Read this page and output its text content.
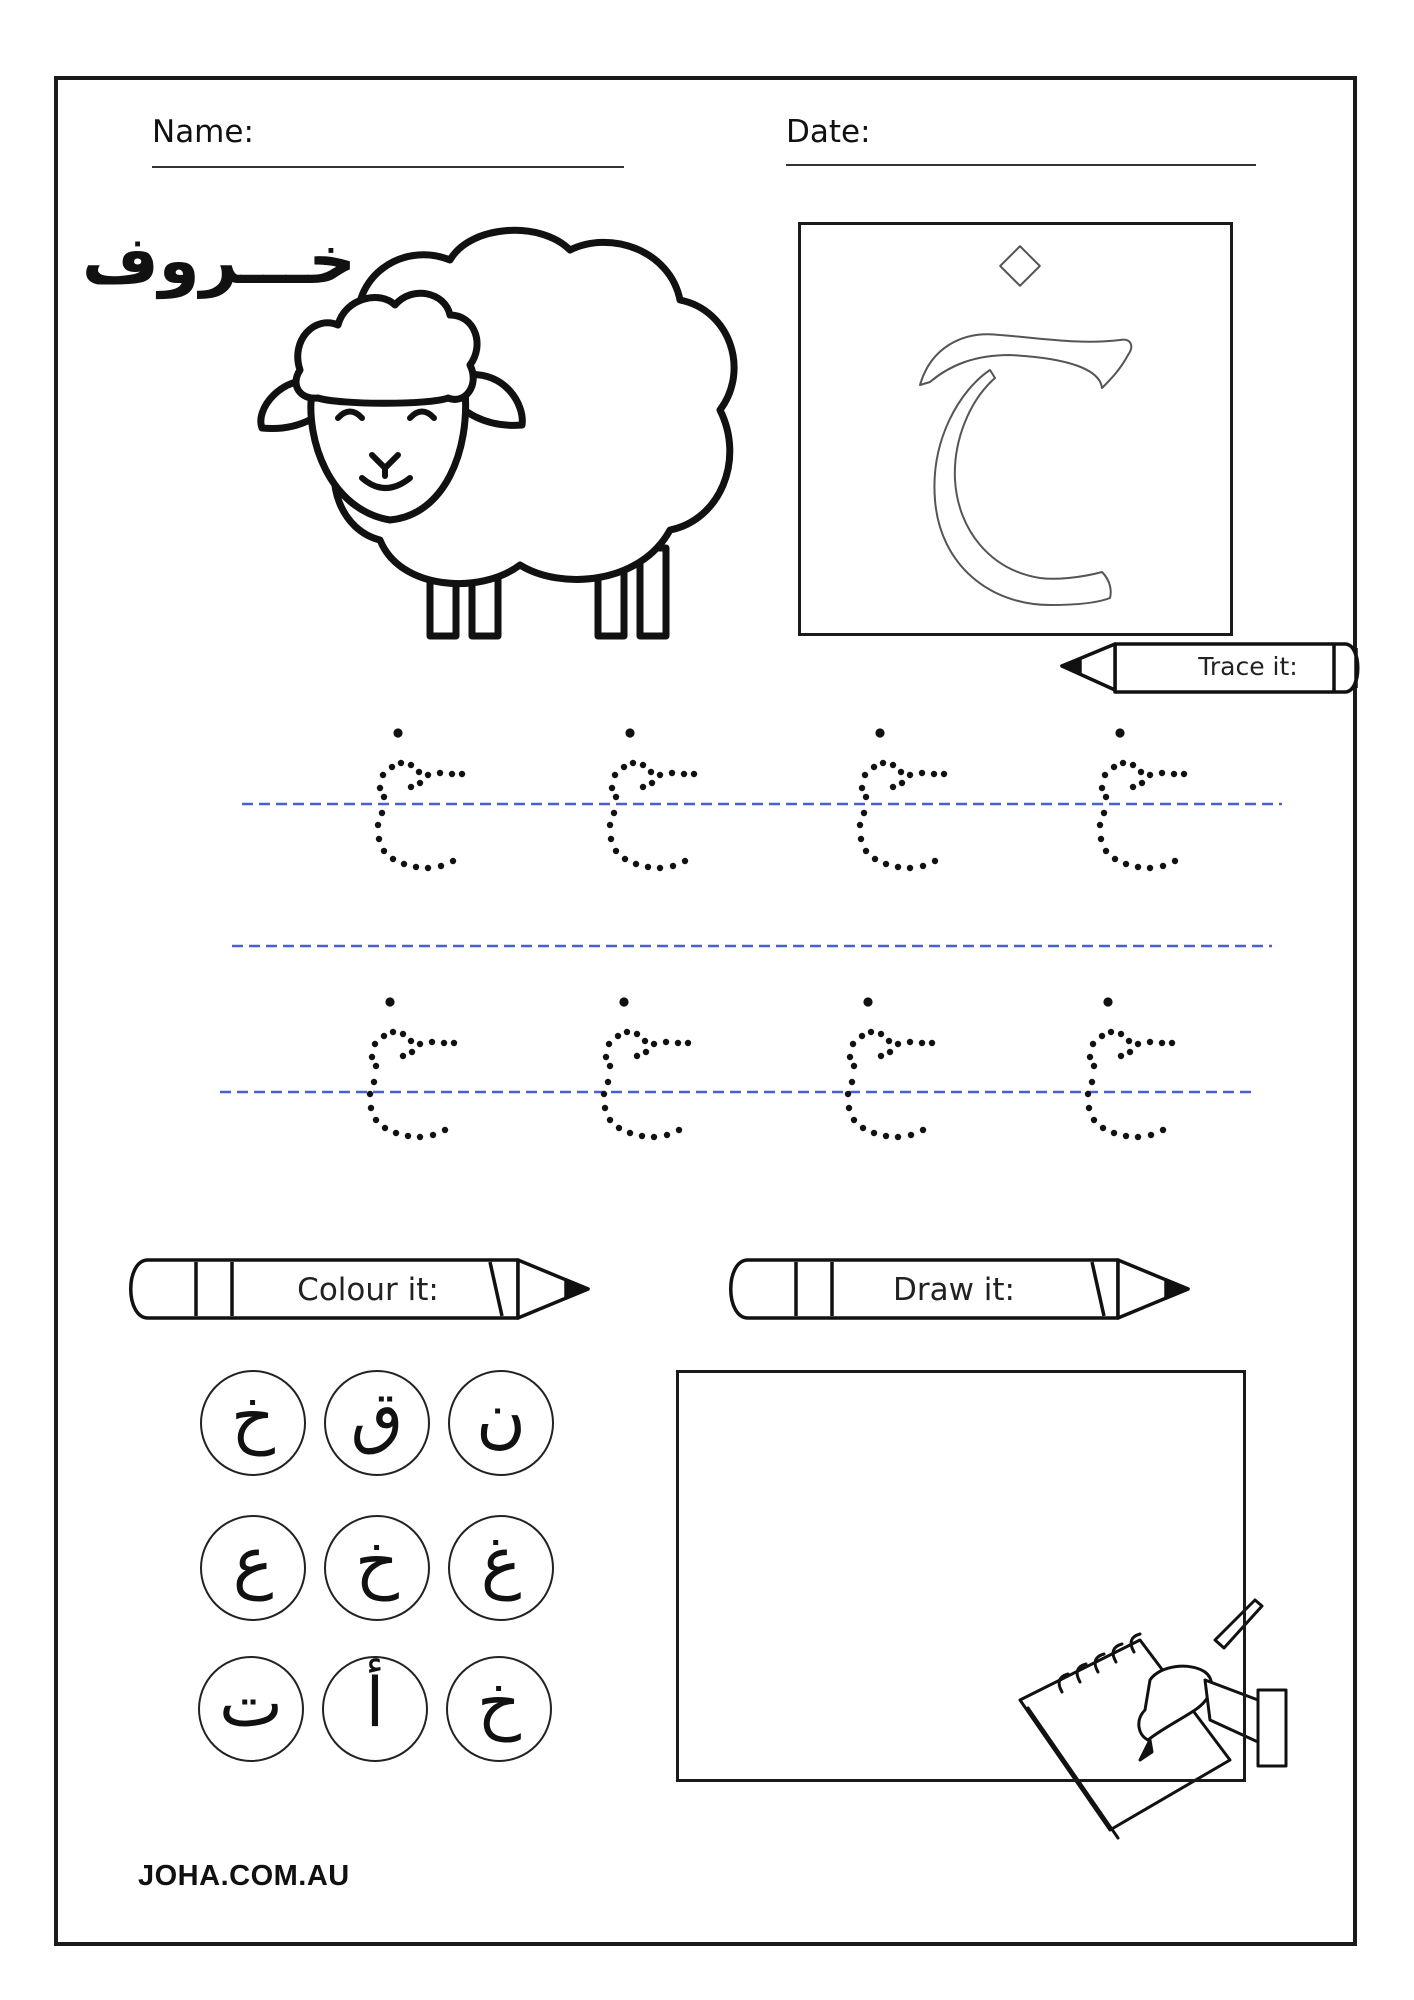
Name:	Date:
خـــروف
Trace it:
Colour it:	Draw it:
خ	ق	ن
ع	خ	غ
ت	أ	خ
JOHA.COM.AU
